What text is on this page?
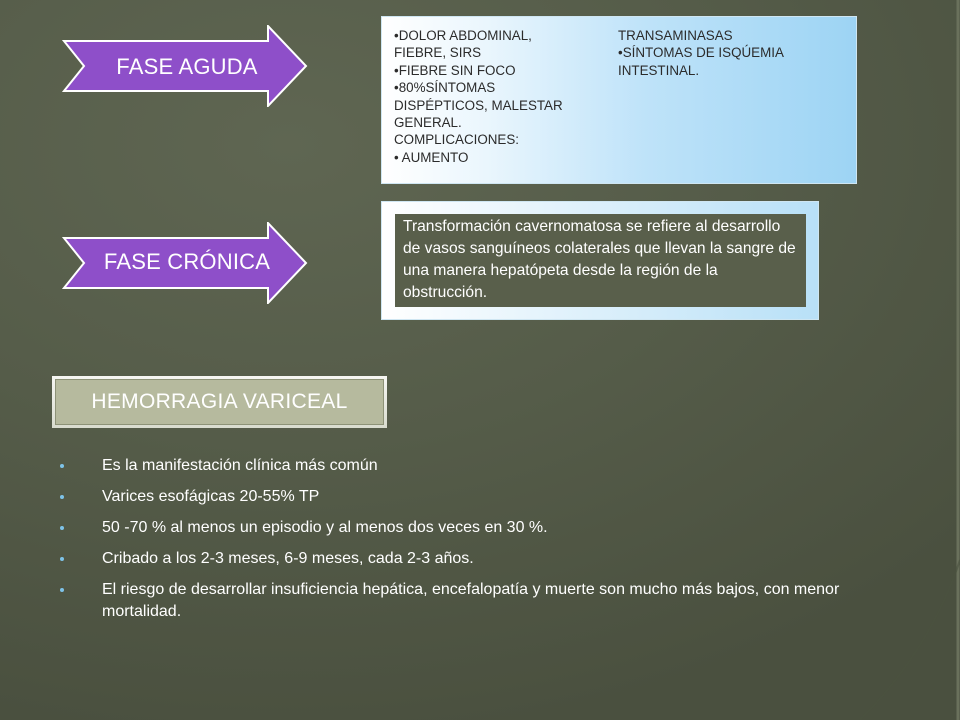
FASE AGUDA
FASE CRÓNICA
•DOLOR ABDOMINAL,
FIEBRE, SIRS
•FIEBRE SIN FOCO
•80%SÍNTOMAS
DISPÉPTICOS, MALESTAR
GENERAL.
COMPLICACIONES:
• AUMENTO
TRANSAMINASAS
•SÍNTOMAS DE ISQÚEMIA
INTESTINAL.
Transformación cavernomatosa se refiere al desarrollo de vasos sanguíneos colaterales que llevan la sangre de una manera hepatópeta desde la región de la obstrucción.
HEMORRAGIA VARICEAL
Es la manifestación clínica más común
Varices esofágicas 20-55% TP
50 -70 % al menos un episodio y al menos dos veces en 30 %.
Cribado a los 2-3 meses, 6-9 meses, cada 2-3 años.
El riesgo de desarrollar insuficiencia hepática, encefalopatía y muerte son mucho más bajos, con menor mortalidad.
